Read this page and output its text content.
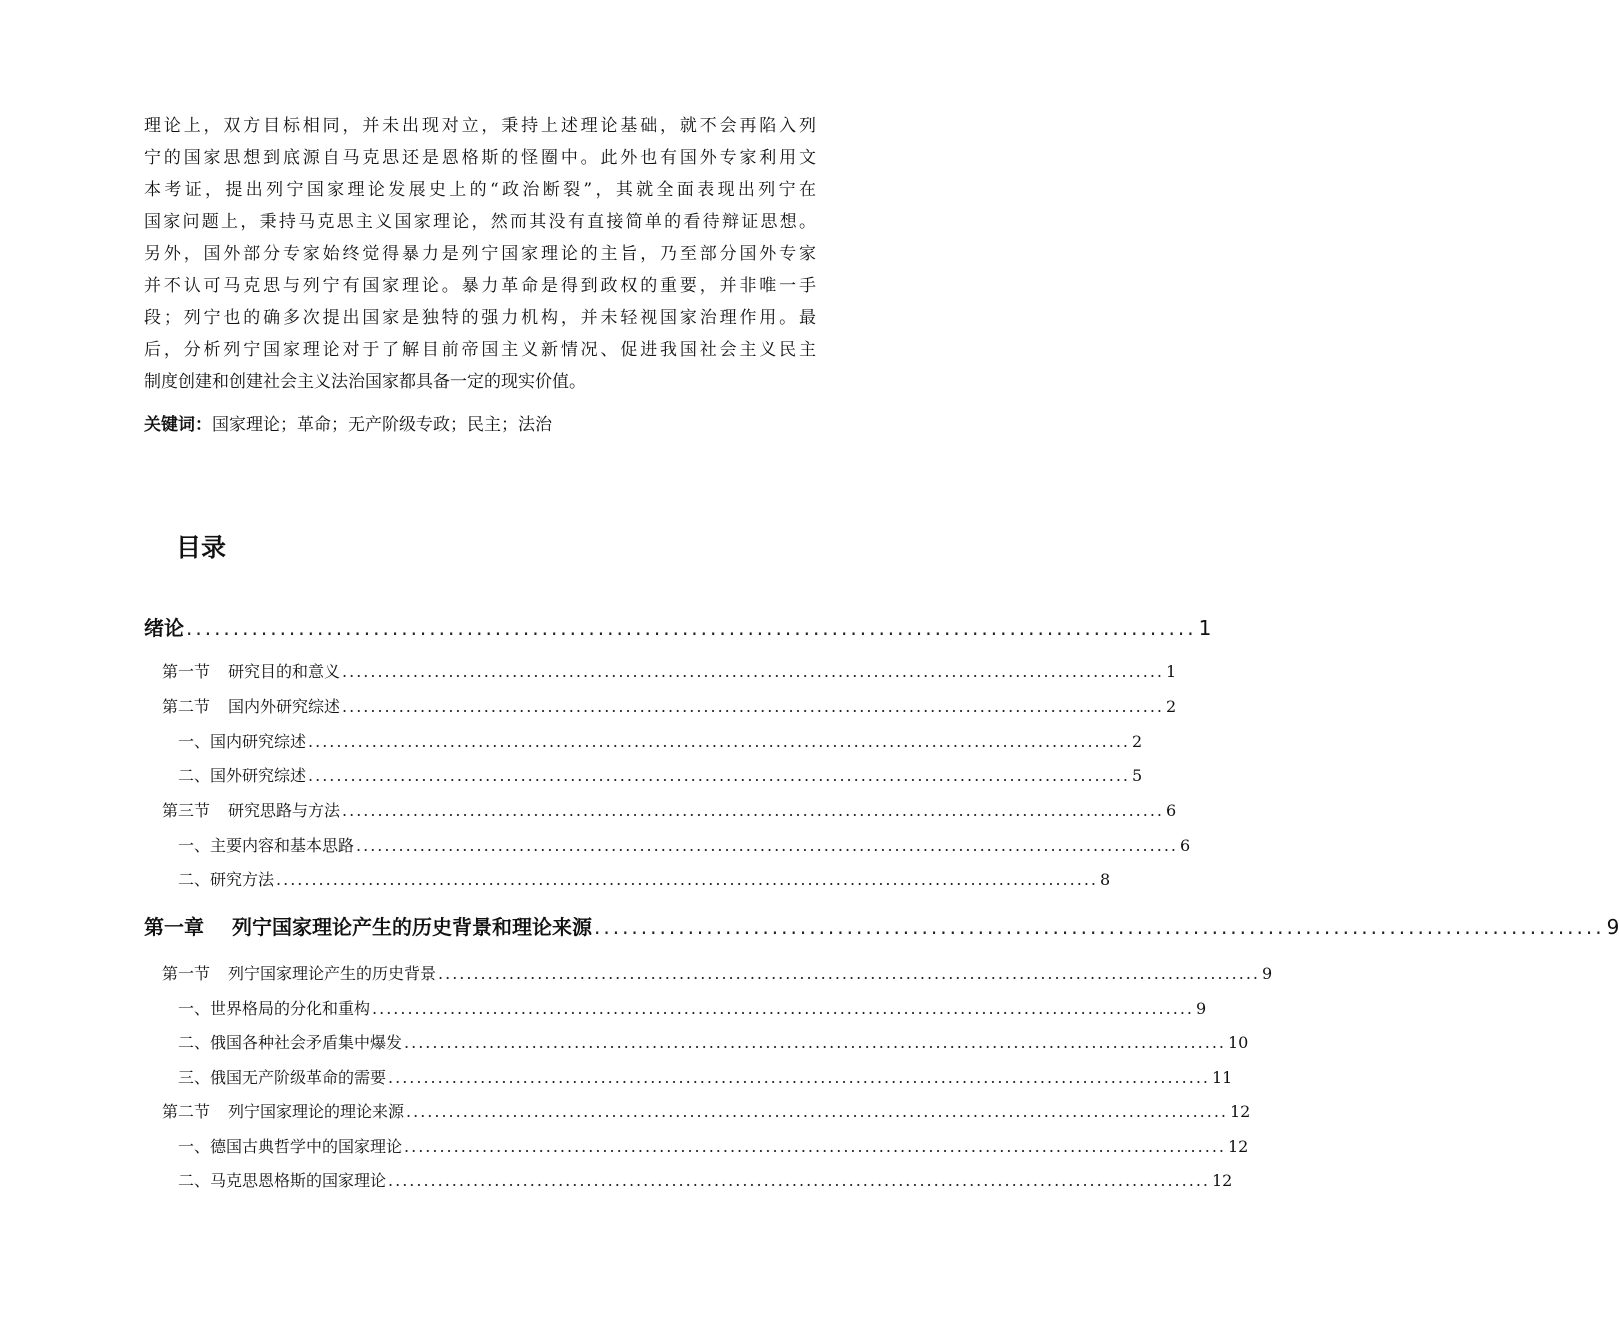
理论上，双方目标相同，并未出现对立，秉持上述理论基础，就不会再陷入列
宁的国家思想到底源自马克思还是恩格斯的怪圈中。此外也有国外专家利用文
本考证，提出列宁国家理论发展史上的“政治断裂”，其就全面表现出列宁在
国家问题上，秉持马克思主义国家理论，然而其没有直接简单的看待辩证思想。
另外，国外部分专家始终觉得暴力是列宁国家理论的主旨，乃至部分国外专家
并不认可马克思与列宁有国家理论。暴力革命是得到政权的重要，并非唯一手
段；列宁也的确多次提出国家是独特的强力机构，并未轻视国家治理作用。最
后，分析列宁国家理论对于了解目前帝国主义新情况、促进我国社会主义民主
制度创建和创建社会主义法治国家都具备一定的现实价值。
关键词：国家理论；革命；无产阶级专政；民主；法治
目录
绪论 ............................................................................................................ 1
第一节 研究目的和意义 .................................................................................................................... 1
第二节 国内外研究综述 .................................................................................................................... 2
一、国内研究综述 .................................................................................................................... 2
二、国外研究综述 .................................................................................................................... 5
第三节 研究思路与方法 .................................................................................................................... 6
一、主要内容和基本思路 .................................................................................................................... 6
二、研究方法 .................................................................................................................... 8
第一章 列宁国家理论产生的历史背景和理论来源 ............................................................................................................ 9
第一节 列宁国家理论产生的历史背景 .................................................................................................................... 9
一、世界格局的分化和重构 .................................................................................................................... 9
二、俄国各种社会矛盾集中爆发 .................................................................................................................... 10
三、俄国无产阶级革命的需要 .................................................................................................................... 11
第二节 列宁国家理论的理论来源 .................................................................................................................... 12
一、德国古典哲学中的国家理论 .................................................................................................................... 12
二、马克思恩格斯的国家理论 .................................................................................................................... 12
